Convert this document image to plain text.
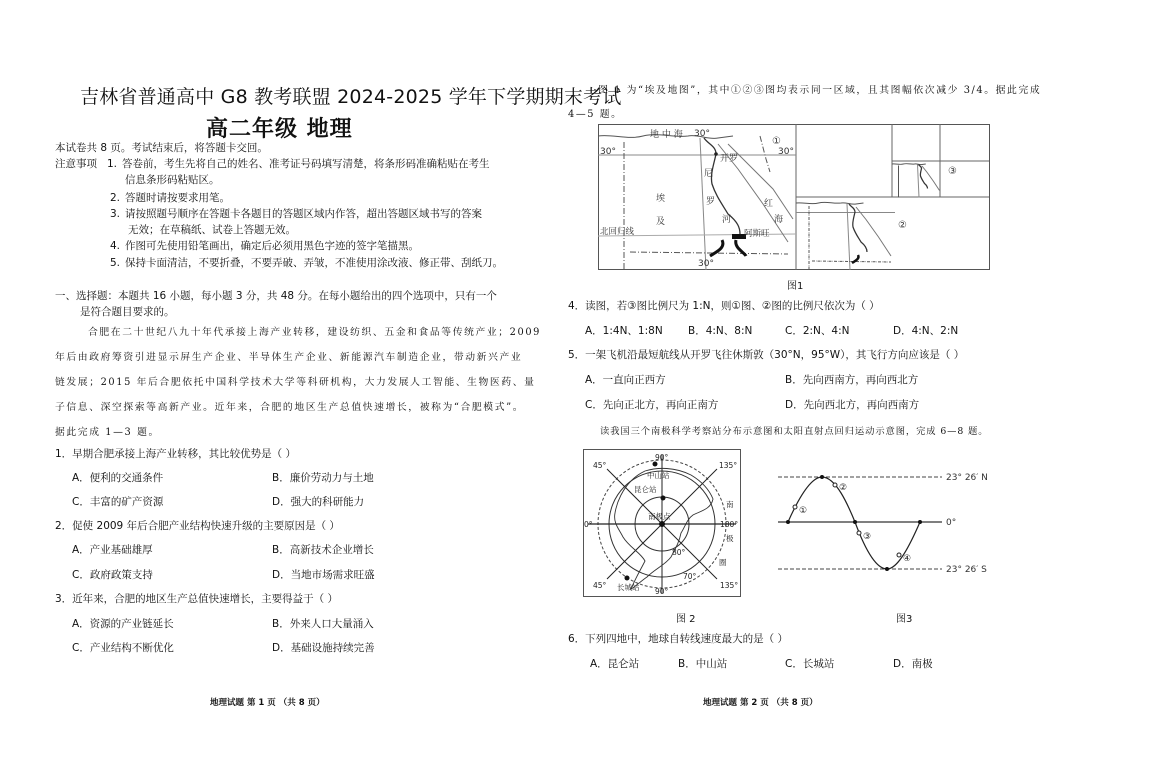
吉林省普通高中 G8 教考联盟 2024-2025 学年下学期期末考试
高二年级 地理
本试卷共 8 页。考试结束后，将答题卡交回。
注意事项 1. 答卷前，考生先将自己的姓名、准考证号码填写清楚，将条形码准确粘贴在考生
信息条形码粘贴区。
2. 答题时请按要求用笔。
3. 请按照题号顺序在答题卡各题目的答题区域内作答，超出答题区域书写的答案
无效；在草稿纸、试卷上答题无效。
4. 作图可先使用铅笔画出，确定后必须用黑色字迹的签字笔描黑。
5. 保持卡面清洁，不要折叠，不要弄破、弄皱，不准使用涂改液、修正带、刮纸刀。
一、选择题：本题共 16 小题，每小题 3 分，共 48 分。在每小题给出的四个选项中，只有一个
是符合题目要求的。
合肥在二十世纪八九十年代承接上海产业转移，建设纺织、五金和食品等传统产业；2009
年后由政府筹资引进显示屏生产企业、半导体生产企业、新能源汽车制造企业，带动新兴产业
链发展；2015 年后合肥依托中国科学技术大学等科研机构，大力发展人工智能、生物医药、量
子信息、深空探索等高新产业。近年来，合肥的地区生产总值快速增长，被称为“合肥模式”。
据此完成 1—3 题。
1．早期合肥承接上海产业转移，其比较优势是（ ）
A．便利的交通条件	B．廉价劳动力与土地
C．丰富的矿产资源	D．强大的科研能力
2．促使 2009 年后合肥产业结构快速升级的主要原因是（ ）
A．产业基础雄厚	B．高新技术企业增长
C．政府政策支持	D．当地市场需求旺盛
3．近年来，合肥的地区生产总值快速增长，主要得益于（ ）
A．资源的产业链延长	B．外来人口大量涌入
C．产业结构不断优化	D．基础设施持续完善
地理试题 第 1 页 （共 8 页）
图 1 为“埃及地图”，其中①②③图均表示同一区域，且其图幅依次减少 3/4。据此完成
4—5 题。
地 中 海 30°
30°	30°
30°
开罗
尼
罗
河
埃
及
红
海
阿斯旺
北回归线
①
②
③
图1
4．读图，若③图比例尺为 1:N，则①图、②图的比例尺依次为（ ）
A．1:4N、1:8N B．4:N、8:N	C．2:N、4:N	D．4:N、2:N
5．一架飞机沿最短航线从开罗飞往休斯敦（30°N，95°W），其飞行方向应该是（ ）
A．一直向正西方	B．先向西南方，再向西北方
C．先向正北方，再向正南方	D．先向西北方，再向西南方
读我国三个南极科学考察站分布示意图和太阳直射点回归运动示意图，完成 6—8 题。
90°
45°	135°
0°	180°
45°
90°
135°
80°
70°
中山站
昆仑站
南极点
长城站
南
极
圈
图 2
①
②
③
④
23° 26′ N
0°
23° 26′ S
图3
6．下列四地中，地球自转线速度最大的是（ ）
A．昆仑站	B．中山站	C．长城站	D．南极
地理试题 第 2 页 （共 8 页）
